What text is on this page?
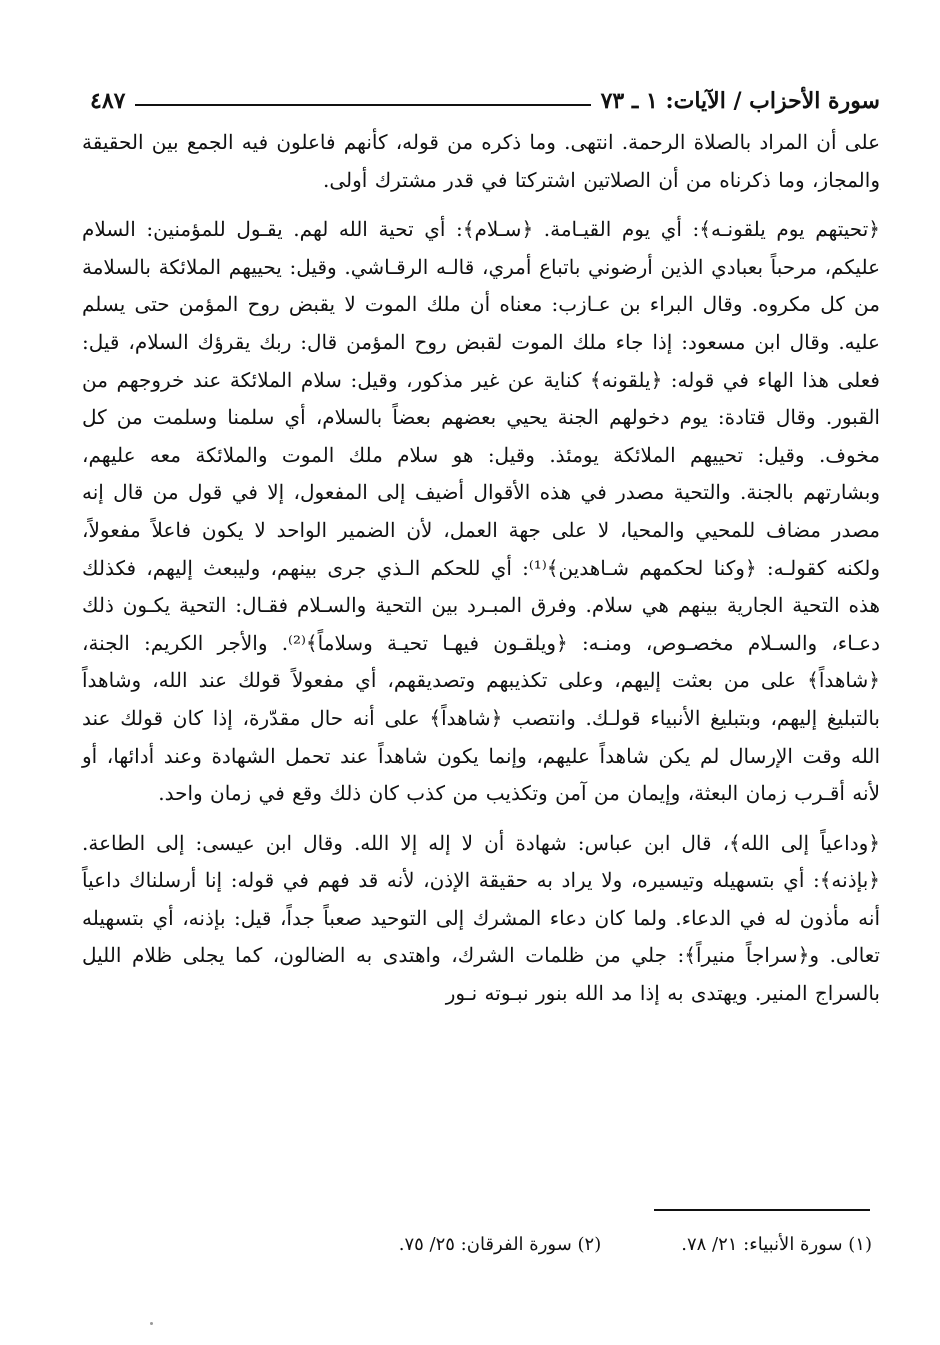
سورة الأحزاب / الآيات: ١ ـ ٧٣
٤٨٧

على أن المراد بالصلاة الرحمة. انتهى. وما ذكره من قوله، كأنهم فاعلون فيه الجمع بين الحقيقة والمجاز، وما ذكرناه من أن الصلاتين اشتركتا في قدر مشترك أولى.

﴿تحيتهم يوم يلقونـه﴾: أي يوم القيـامة. ﴿سـلام﴾: أي تحية الله لهم. يقـول للمؤمنين: السلام عليكم، مرحباً بعبادي الذين أرضوني باتباع أمري، قالـه الرقـاشي. وقيل: يحييهم الملائكة بالسلامة من كل مكروه. وقال البراء بن عـازب: معناه أن ملك الموت لا يقبض روح المؤمن حتى يسلم عليه. وقال ابن مسعود: إذا جاء ملك الموت لقبض روح المؤمن قال: ربك يقرؤك السلام، قيل: فعلى هذا الهاء في قوله: ﴿يلقونه﴾ كناية عن غير مذكور، وقيل: سلام الملائكة عند خروجهم من القبور. وقال قتادة: يوم دخولهم الجنة يحيي بعضهم بعضاً بالسلام، أي سلمنا وسلمت من كل مخوف. وقيل: تحييهم الملائكة يومئذ. وقيل: هو سلام ملك الموت والملائكة معه عليهم، وبشارتهم بالجنة. والتحية مصدر في هذه الأقوال أضيف إلى المفعول، إلا في قول من قال إنه مصدر مضاف للمحيي والمحيا، لا على جهة العمل، لأن الضمير الواحد لا يكون فاعلاً مفعولاً، ولكنه كقولـه: ﴿وكنا لحكمهم شـاهدين﴾⁽¹⁾: أي للحكم الـذي جرى بينهم، وليبعث إليهم، فكذلك هذه التحية الجارية بينهم هي سلام. وفرق المبـرد بين التحية والسـلام فقـال: التحية يكـون ذلك دعـاء، والسـلام مخصـوص، ومنـه: ﴿ويلقـون فيهـا تحيـة وسلاماً﴾⁽²⁾. والأجر الكريم: الجنة، ﴿شاهداً﴾ على من بعثت إليهم، وعلى تكذيبهم وتصديقهم، أي مفعولاً قولك عند الله، وشاهداً بالتبليغ إليهم، وبتبليغ الأنبياء قولـك. وانتصب ﴿شاهداً﴾ على أنه حال مقدّرة، إذا كان قولك عند الله وقت الإرسال لم يكن شاهداً عليهم، وإنما يكون شاهداً عند تحمل الشهادة وعند أدائها، أو لأنه أقـرب زمان البعثة، وإيمان من آمن وتكذيب من كذب كان ذلك وقع في زمان واحد.

﴿وداعياً إلى الله﴾، قال ابن عباس: شهادة أن لا إله إلا الله. وقال ابن عيسى: إلى الطاعة. ﴿بإذنه﴾: أي بتسهيله وتيسيره، ولا يراد به حقيقة الإذن، لأنه قد فهم في قوله: إنا أرسلناك داعياً أنه مأذون له في الدعاء. ولما كان دعاء المشرك إلى التوحيد صعباً جداً، قيل: بإذنه، أي بتسهيله تعالى. و﴿سراجاً منيراً﴾: جلي من ظلمات الشرك، واهتدى به الضالون، كما يجلى ظلام الليل بالسراج المنير. ويهتدى به إذا مد الله بنور نبـوته نـور

(١) سورة الأنبياء: ٢١/ ٧٨.
(٢) سورة الفرقان: ٢٥/ ٧٥.
